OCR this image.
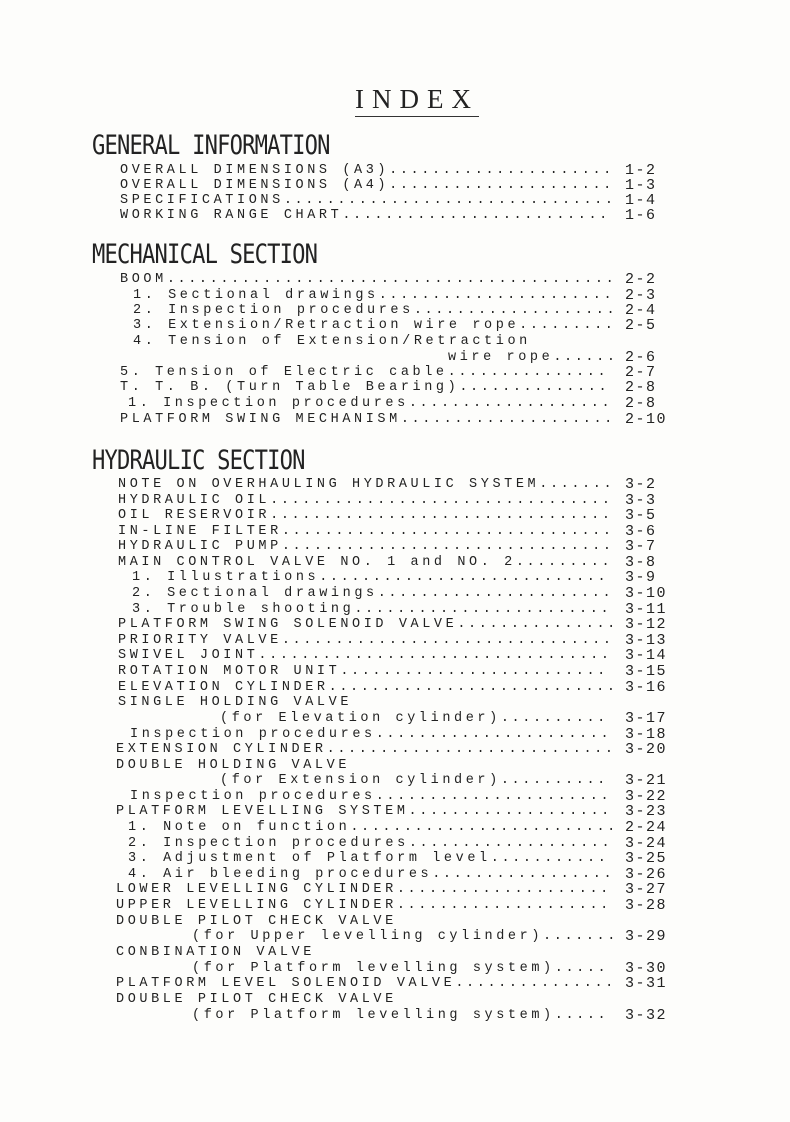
INDEX
GENERAL INFORMATION
OVERALL DIMENSIONS (A3)..................... 1-2
OVERALL DIMENSIONS (A4)..................... 1-3
SPECIFICATIONS............................... 1-4
WORKING RANGE CHART......................... 1-6
MECHANICAL SECTION
BOOM.......................................... 2-2
1. Sectional drawings...................... 2-3
2. Inspection procedures................... 2-4
3. Extension/Retraction wire rope......... 2-5
4. Tension of Extension/Retraction
wire rope...... 2-6
5. Tension of Electric cable............... 2-7
T. T. B. (Turn Table Bearing).............. 2-8
1. Inspection procedures................... 2-8
PLATFORM SWING MECHANISM.................... 2-10
HYDRAULIC SECTION
NOTE ON OVERHAULING HYDRAULIC SYSTEM....... 3-2
HYDRAULIC OIL................................ 3-3
OIL RESERVOIR................................ 3-5
IN-LINE FILTER............................... 3-6
HYDRAULIC PUMP............................... 3-7
MAIN CONTROL VALVE NO. 1 and NO. 2......... 3-8
1. Illustrations........................... 3-9
2. Sectional drawings...................... 3-10
3. Trouble shooting........................ 3-11
PLATFORM SWING SOLENOID VALVE............... 3-12
PRIORITY VALVE............................... 3-13
SWIVEL JOINT................................. 3-14
ROTATION MOTOR UNIT......................... 3-15
ELEVATION CYLINDER........................... 3-16
SINGLE HOLDING VALVE
(for Elevation cylinder).......... 3-17
Inspection procedures...................... 3-18
EXTENSION CYLINDER........................... 3-20
DOUBLE HOLDING VALVE
(for Extension cylinder).......... 3-21
Inspection procedures...................... 3-22
PLATFORM LEVELLING SYSTEM................... 3-23
1. Note on function......................... 2-24
2. Inspection procedures................... 3-24
3. Adjustment of Platform level........... 3-25
4. Air bleeding procedures................. 3-26
LOWER LEVELLING CYLINDER.................... 3-27
UPPER LEVELLING CYLINDER.................... 3-28
DOUBLE PILOT CHECK VALVE
(for Upper levelling cylinder)....... 3-29
CONBINATION VALVE
(for Platform levelling system)..... 3-30
PLATFORM LEVEL SOLENOID VALVE............... 3-31
DOUBLE PILOT CHECK VALVE
(for Platform levelling system)..... 3-32
